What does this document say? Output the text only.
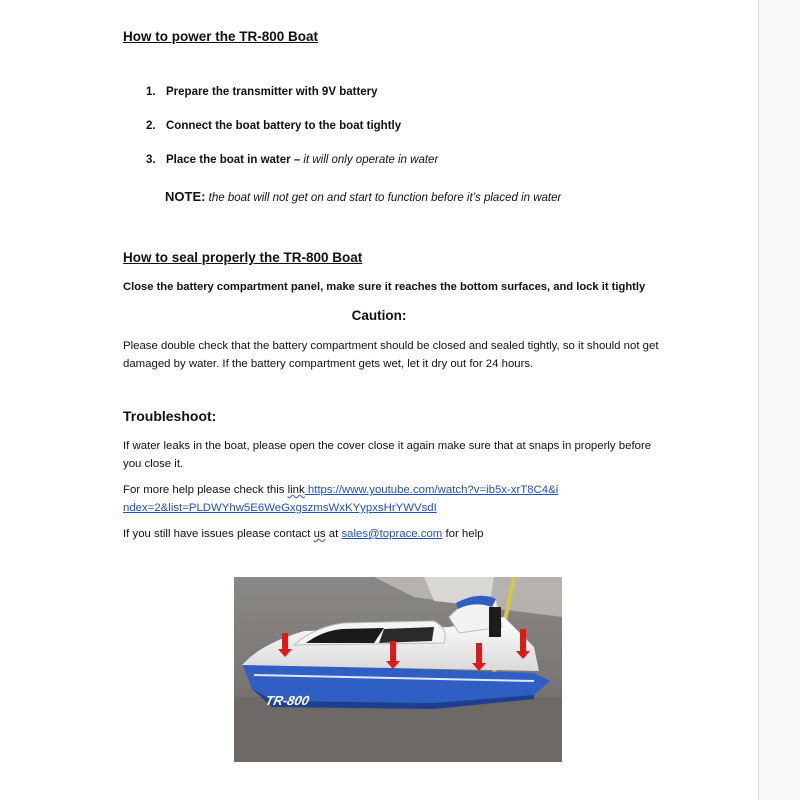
How to power the TR-800 Boat
1. Prepare the transmitter with 9V battery
2. Connect the boat battery to the boat tightly
3. Place the boat in water – it will only operate in water
NOTE: the boat will not get on and start to function before it’s placed in water
How to seal properly the TR-800 Boat
Close the battery compartment panel, make sure it reaches the bottom surfaces, and lock it tightly
Caution:
Please double check that the battery compartment should be closed and sealed tightly, so it should not get damaged by water. If the battery compartment gets wet, let it dry out for 24 hours.
Troubleshoot:
If water leaks in the boat, please open the cover close it again make sure that at snaps in properly before you close it.
For more help please check this link https://www.youtube.com/watch?v=ib5x-xrT8C4&index=2&list=PLDWYhw5E6WeGxgszmsWxKYypxsHrYWVsdI
If you still have issues please contact us at sales@toprace.com for help
TR-800
